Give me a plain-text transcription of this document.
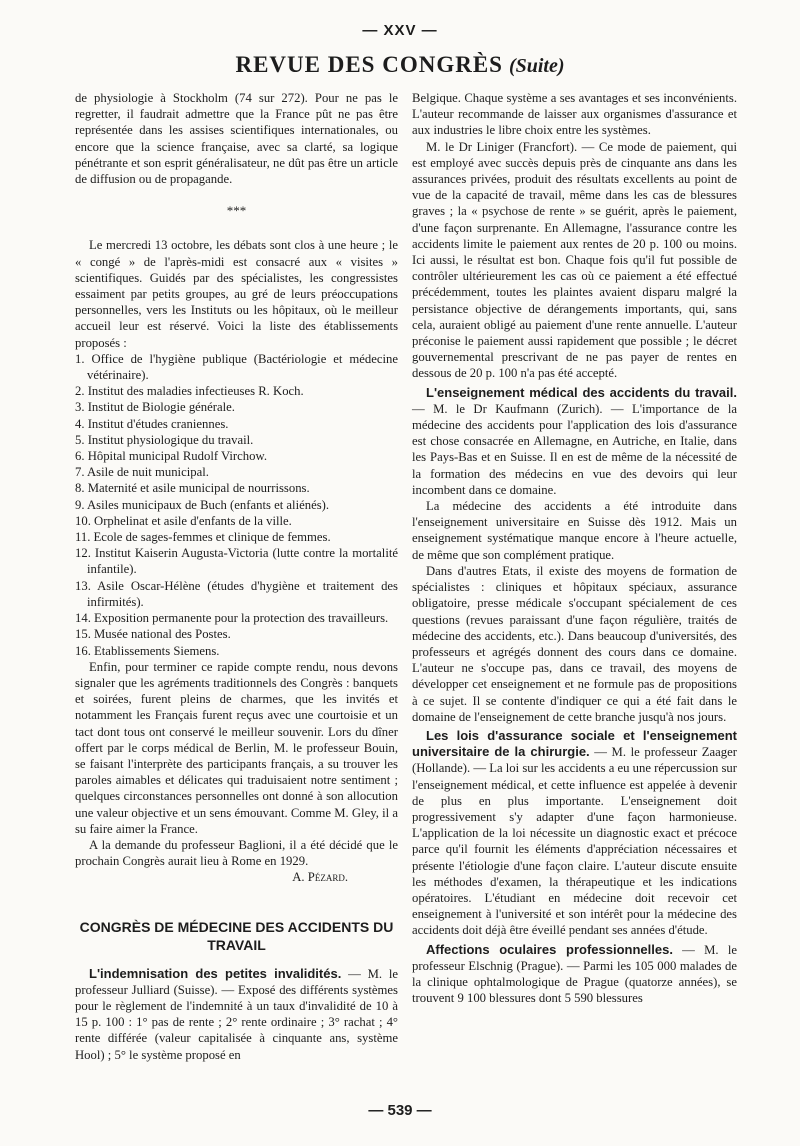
— XXV —
REVUE DES CONGRÈS (Suite)

de physiologie à Stockholm (74 sur 272). Pour ne pas le regretter, il faudrait admettre que la France pût ne pas être représentée dans les assises scientifiques internationales, ou encore que la science française, avec sa clarté, sa logique pénétrante et son esprit généralisateur, ne dût pas être un article de diffusion ou de propagande.

***

Le mercredi 13 octobre, les débats sont clos à une heure ; le « congé » de l'après-midi est consacré aux « visites » scientifiques. Guidés par des spécialistes, les congressistes essaiment par petits groupes, au gré de leurs préoccupations personnelles, vers les Instituts ou les hôpitaux, où le meilleur accueil leur est réservé. Voici la liste des établissements proposés :

1. Office de l'hygiène publique (Bactériologie et médecine vétérinaire).
2. Institut des maladies infectieuses R. Koch.
3. Institut de Biologie générale.
4. Institut d'études craniennes.
5. Institut physiologique du travail.
6. Hôpital municipal Rudolf Virchow.
7. Asile de nuit municipal.
8. Maternité et asile municipal de nourrissons.
9. Asiles municipaux de Buch (enfants et aliénés).
10. Orphelinat et asile d'enfants de la ville.
11. Ecole de sages-femmes et clinique de femmes.
12. Institut Kaiserin Augusta-Victoria (lutte contre la mortalité infantile).
13. Asile Oscar-Hélène (études d'hygiène et traitement des infirmités).
14. Exposition permanente pour la protection des travailleurs.
15. Musée national des Postes.
16. Etablissements Siemens.

Enfin, pour terminer ce rapide compte rendu, nous devons signaler que les agréments traditionnels des Congrès : banquets et soirées, furent pleins de charmes, que les invités et notamment les Français furent reçus avec une courtoisie et un tact dont tous ont conservé le meilleur souvenir. Lors du dîner offert par le corps médical de Berlin, M. le professeur Bouin, se faisant l'interprète des participants français, a su trouver les paroles aimables et délicates qui traduisaient notre sentiment ; quelques circonstances personnelles ont donné à son allocution une valeur objective et un sens émouvant. Comme M. Gley, il a su faire aimer la France.

A la demande du professeur Baglioni, il a été décidé que le prochain Congrès aurait lieu à Rome en 1929.

A. Pézard.

CONGRÈS DE MÉDECINE DES ACCIDENTS DU TRAVAIL

L'indemnisation des petites invalidités. — M. le professeur Julliard (Suisse). — Exposé des différents systèmes pour le règlement de l'indemnité à un taux d'invalidité de 10 à 15 p. 100 : 1° pas de rente ; 2° rente ordinaire ; 3° rachat ; 4° rente différée (valeur capitalisée à cinquante ans, système Hool) ; 5° le système proposé en

Belgique. Chaque système a ses avantages et ses inconvénients. L'auteur recommande de laisser aux organismes d'assurance et aux industries le libre choix entre les systèmes.

M. le Dr Liniger (Francfort). — Ce mode de paiement, qui est employé avec succès depuis près de cinquante ans dans les assurances privées, produit des résultats excellents au point de vue de la capacité de travail, même dans les cas de blessures graves ; la « psychose de rente » se guérit, après le paiement, d'une façon surprenante. En Allemagne, l'assurance contre les accidents limite le paiement aux rentes de 20 p. 100 ou moins. Ici aussi, le résultat est bon. Chaque fois qu'il fut possible de contrôler ultérieurement les cas où ce paiement a été effectué précédemment, toutes les plaintes avaient disparu malgré la persistance objective de dérangements importants, qui, sans cela, auraient obligé au paiement d'une rente annuelle. L'auteur préconise le paiement aussi rapidement que possible ; le décret gouvernemental prescrivant de ne pas payer de rentes en dessous de 20 p. 100 n'a pas été accepté.

L'enseignement médical des accidents du travail. — M. le Dr Kaufmann (Zurich). — L'importance de la médecine des accidents pour l'application des lois d'assurance est chose consacrée en Allemagne, en Autriche, en Italie, dans les Pays-Bas et en Suisse. Il en est de même de la nécessité de la formation des médecins en vue des devoirs qui leur incombent dans ce domaine.

La médecine des accidents a été introduite dans l'enseignement universitaire en Suisse dès 1912. Mais un enseignement systématique manque encore à l'heure actuelle, de même que son complément pratique.

Dans d'autres Etats, il existe des moyens de formation de spécialistes : cliniques et hôpitaux spéciaux, assurance obligatoire, presse médicale s'occupant spécialement de ces questions (revues paraissant d'une façon régulière, traités de médecine des accidents, etc.). Dans beaucoup d'universités, des professeurs et agrégés donnent des cours dans ce domaine. L'auteur ne s'occupe pas, dans ce travail, des moyens de développer cet enseignement et ne formule pas de propositions à ce sujet. Il se contente d'indiquer ce qui a été fait dans le domaine de l'enseignement de cette branche jusqu'à nos jours.

Les lois d'assurance sociale et l'enseignement universitaire de la chirurgie. — M. le professeur Zaager (Hollande). — La loi sur les accidents a eu une répercussion sur l'enseignement médical, et cette influence est appelée à devenir de plus en plus importante. L'enseignement doit progressivement s'y adapter d'une façon harmonieuse. L'application de la loi nécessite un diagnostic exact et précoce parce qu'il fournit les éléments d'appréciation nécessaires et présente l'étiologie d'une façon claire. L'auteur discute ensuite les méthodes d'examen, la thérapeutique et les indications opératoires. L'étudiant en médecine doit recevoir cet enseignement à l'université et son intérêt pour la médecine des accidents doit déjà être éveillé pendant ses années d'étude.

Affections oculaires professionnelles. — M. le professeur Elschnig (Prague). — Parmi les 105 000 malades de la clinique ophtalmologique de Prague (quatorze années), se trouvent 9 100 blessures dont 5 590 blessures

— 539 —
